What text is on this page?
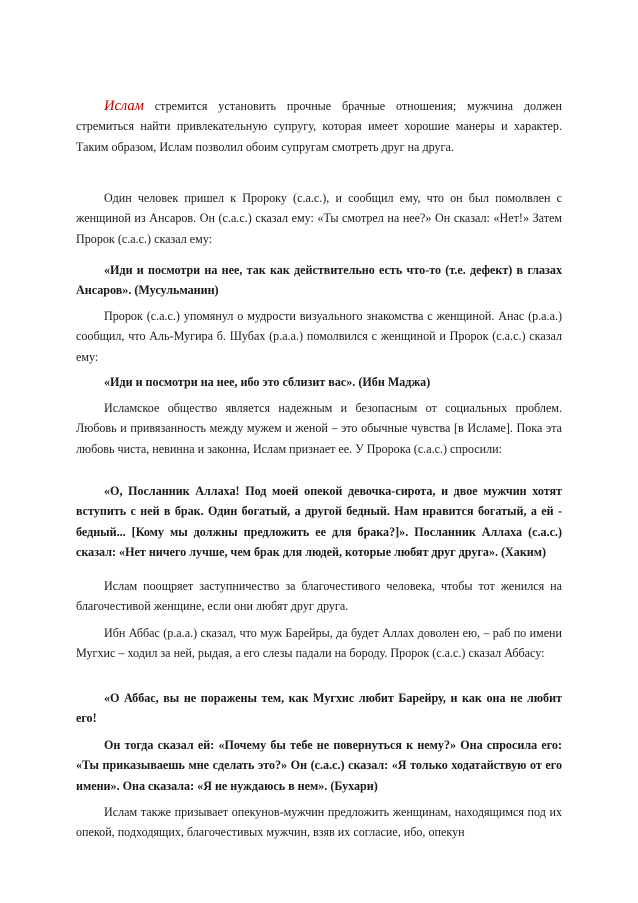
Ислам стремится установить прочные брачные отношения; мужчина должен стремиться найти привлекательную супругу, которая имеет хорошие манеры и характер. Таким образом, Ислам позволил обоим супругам смотреть друг на друга.

Один человек пришел к Пророку (с.а.с.), и сообщил ему, что он был помолвлен с женщиной из Ансаров. Он (с.а.с.) сказал ему: «Ты смотрел на нее?» Он сказал: «Нет!» Затем Пророк (с.а.с.) сказал ему:

«Иди и посмотри на нее, так как действительно есть что-то (т.е. дефект) в глазах Ансаров». (Мусульманин)

Пророк (с.а.с.) упомянул о мудрости визуального знакомства с женщиной. Анас (р.а.а.) сообщил, что Аль-Мугира б. Шубах (р.а.а.) помолвился с женщиной и Пророк (с.а.с.) сказал ему:

«Иди и посмотри на нее, ибо это сблизит вас». (Ибн Маджа)

Исламское общество является надежным и безопасным от социальных проблем. Любовь и привязанность между мужем и женой – это обычные чувства [в Исламе]. Пока эта любовь чиста, невинна и законна, Ислам признает ее. У Пророка (с.а.с.) спросили:

«О, Посланник Аллаха! Под моей опекой девочка-сирота, и двое мужчин хотят вступить с ней в брак. Один богатый, а другой бедный. Нам нравится богатый, а ей - бедный... [Кому мы должны предложить ее для брака?]». Посланник Аллаха (с.а.с.) сказал: «Нет ничего лучше, чем брак для людей, которые любят друг друга». (Хаким)

Ислам поощряет заступничество за благочестивого человека, чтобы тот женился на благочестивой женщине, если они любят друг друга.

Ибн Аббас (р.а.а.) сказал, что муж Барейры, да будет Аллах доволен ею, – раб по имени Мугхис – ходил за ней, рыдая, а его слезы падали на бороду. Пророк (с.а.с.) сказал Аббасу:

«О Аббас, вы не поражены тем, как Мугхис любит Барейру, и как она не любит его!

Он тогда сказал ей: «Почему бы тебе не повернуться к нему?» Она спросила его: «Ты приказываешь мне сделать это?» Он (с.а.с.) сказал: «Я только ходатайствую от его имени». Она сказала: «Я не нуждаюсь в нем». (Бухари)

Ислам также призывает опекунов-мужчин предложить женщинам, находящимся под их опекой, подходящих, благочестивых мужчин, взяв их согласие, ибо, опекун
